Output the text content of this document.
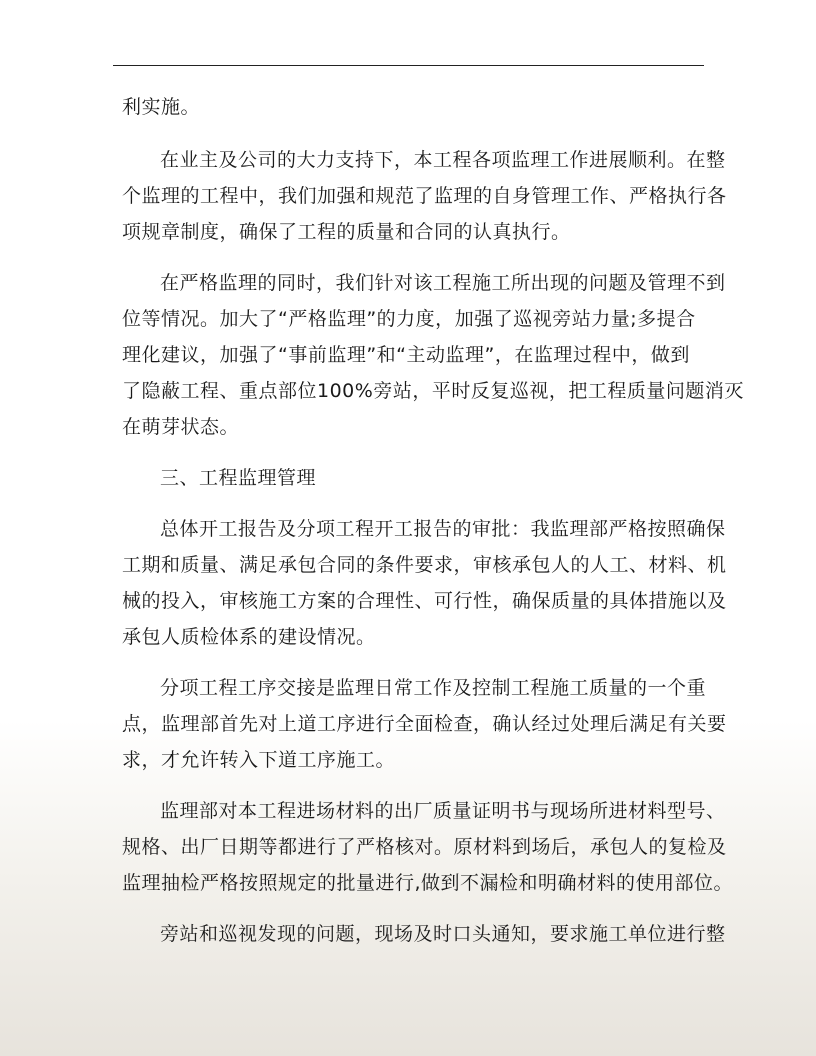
利实施。
在业主及公司的大力支持下，本工程各项监理工作进展顺利。在整
个监理的工程中，我们加强和规范了监理的自身管理工作、严格执行各
项规章制度，确保了工程的质量和合同的认真执行。
在严格监理的同时，我们针对该工程施工所出现的问题及管理不到
位等情况。加大了“严格监理”的力度，加强了巡视旁站力量;多提合
理化建议，加强了“事前监理”和“主动监理”，在监理过程中，做到
了隐蔽工程、重点部位100%旁站，平时反复巡视，把工程质量问题消灭
在萌芽状态。
三、工程监理管理
总体开工报告及分项工程开工报告的审批：我监理部严格按照确保
工期和质量、满足承包合同的条件要求，审核承包人的人工、材料、机
械的投入，审核施工方案的合理性、可行性，确保质量的具体措施以及
承包人质检体系的建设情况。
分项工程工序交接是监理日常工作及控制工程施工质量的一个重
点，监理部首先对上道工序进行全面检查，确认经过处理后满足有关要
求，才允许转入下道工序施工。
监理部对本工程进场材料的出厂质量证明书与现场所进材料型号、
规格、出厂日期等都进行了严格核对。原材料到场后，承包人的复检及
监理抽检严格按照规定的批量进行,做到不漏检和明确材料的使用部位。
旁站和巡视发现的问题，现场及时口头通知，要求施工单位进行整
